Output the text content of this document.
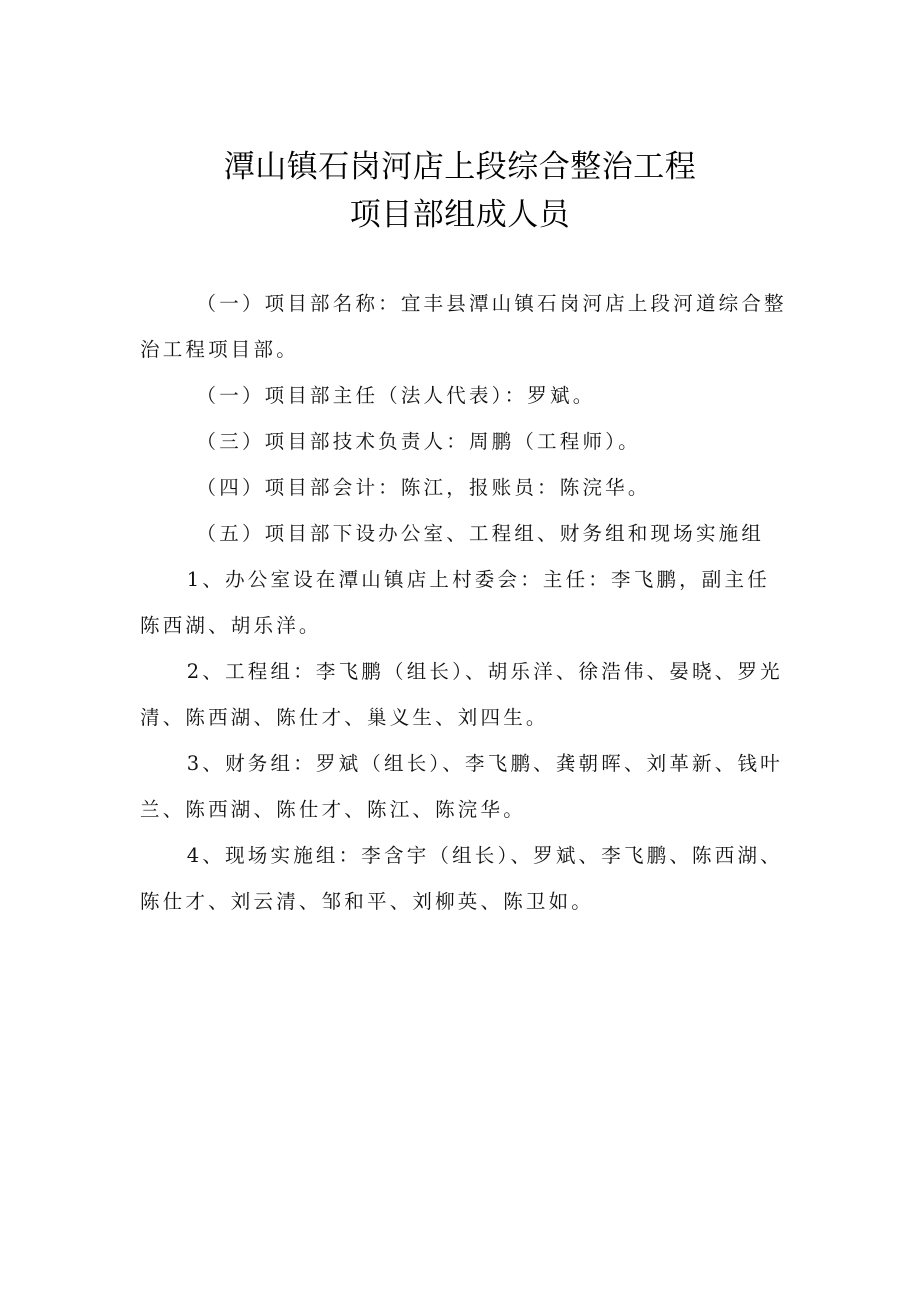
潭山镇石岗河店上段综合整治工程
项目部组成人员

（一）项目部名称：宜丰县潭山镇石岗河店上段河道综合整治工程项目部。

（一）项目部主任（法人代表）：罗斌。

（三）项目部技术负责人：周鹏（工程师）。

（四）项目部会计：陈江，报账员：陈浣华。

（五）项目部下设办公室、工程组、财务组和现场实施组

1、办公室设在潭山镇店上村委会：主任：李飞鹏，副主任陈西湖、胡乐洋。

2、工程组：李飞鹏（组长）、胡乐洋、徐浩伟、晏晓、罗光清、陈西湖、陈仕才、巢义生、刘四生。

3、财务组：罗斌（组长）、李飞鹏、龚朝晖、刘革新、钱叶兰、陈西湖、陈仕才、陈江、陈浣华。

4、现场实施组：李含宇（组长）、罗斌、李飞鹏、陈西湖、陈仕才、刘云清、邹和平、刘柳英、陈卫如。
